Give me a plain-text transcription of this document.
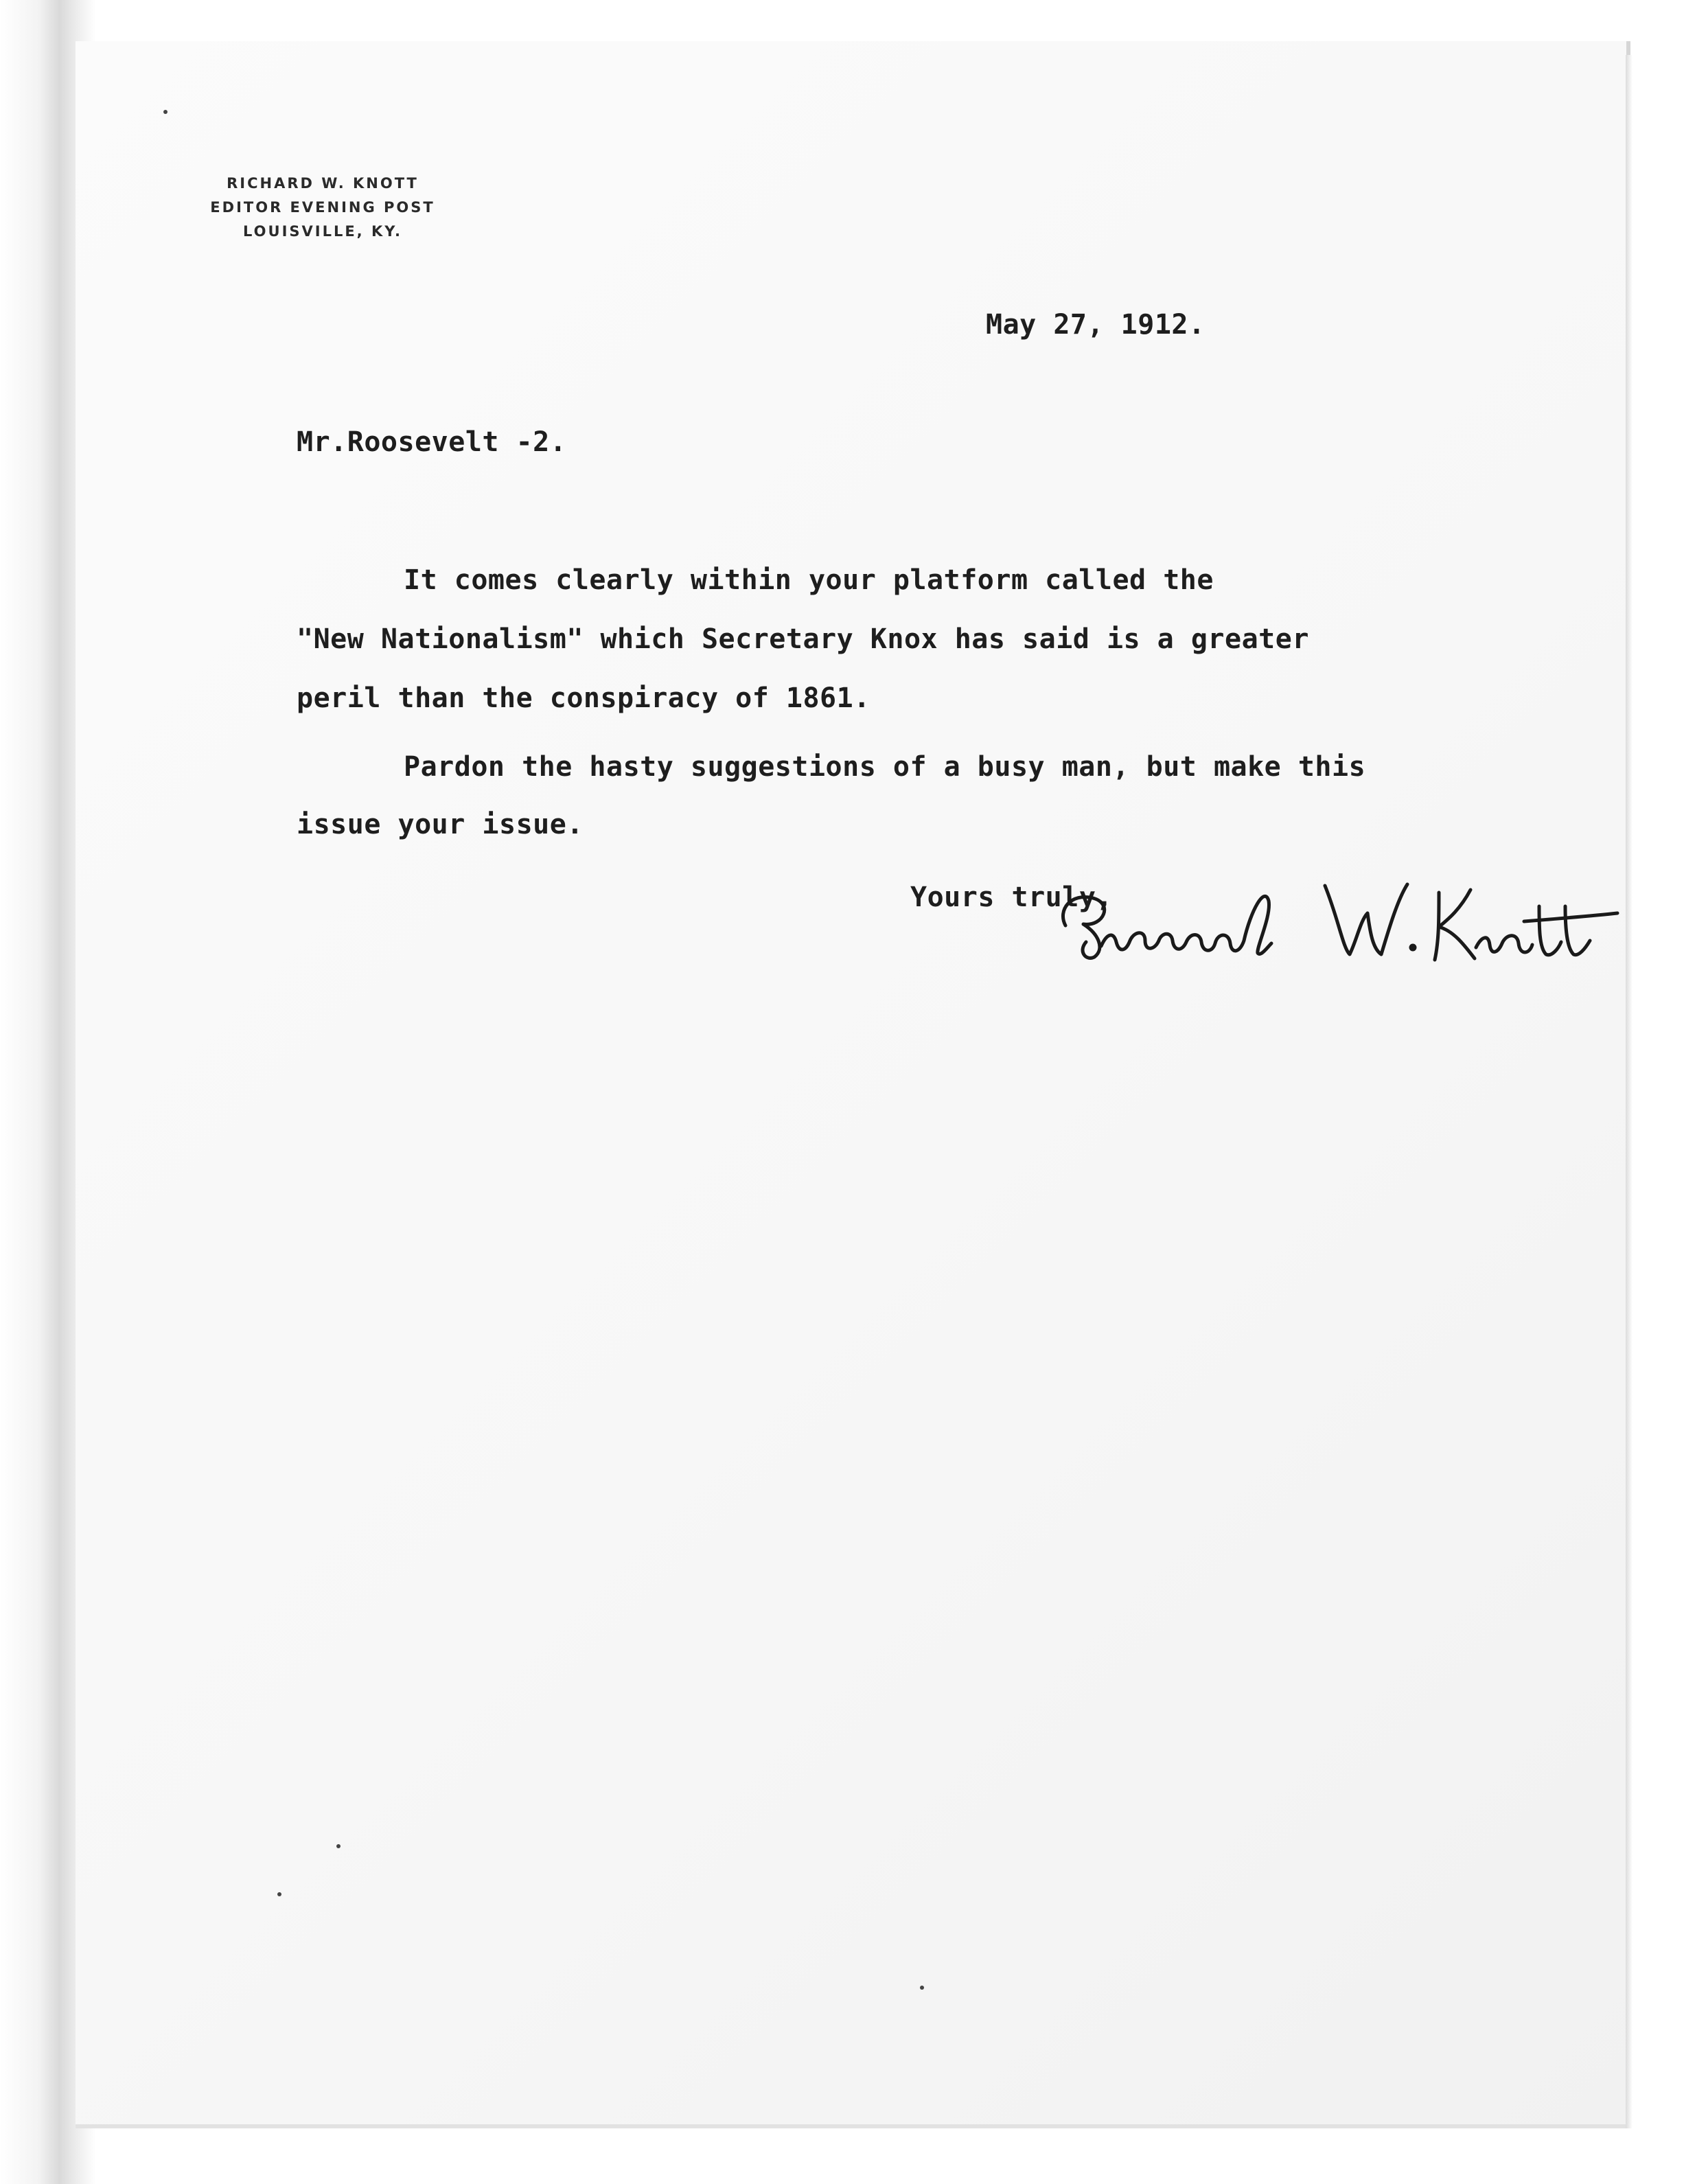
RICHARD W. KNOTT
EDITOR EVENING POST
LOUISVILLE, KY.
May 27, 1912.
Mr.Roosevelt -2.
It comes clearly within your platform called the
"New Nationalism" which Secretary Knox has said is a greater
peril than the conspiracy of 1861.
Pardon the hasty suggestions of a busy man, but make this
issue your issue.
Yours truly,
